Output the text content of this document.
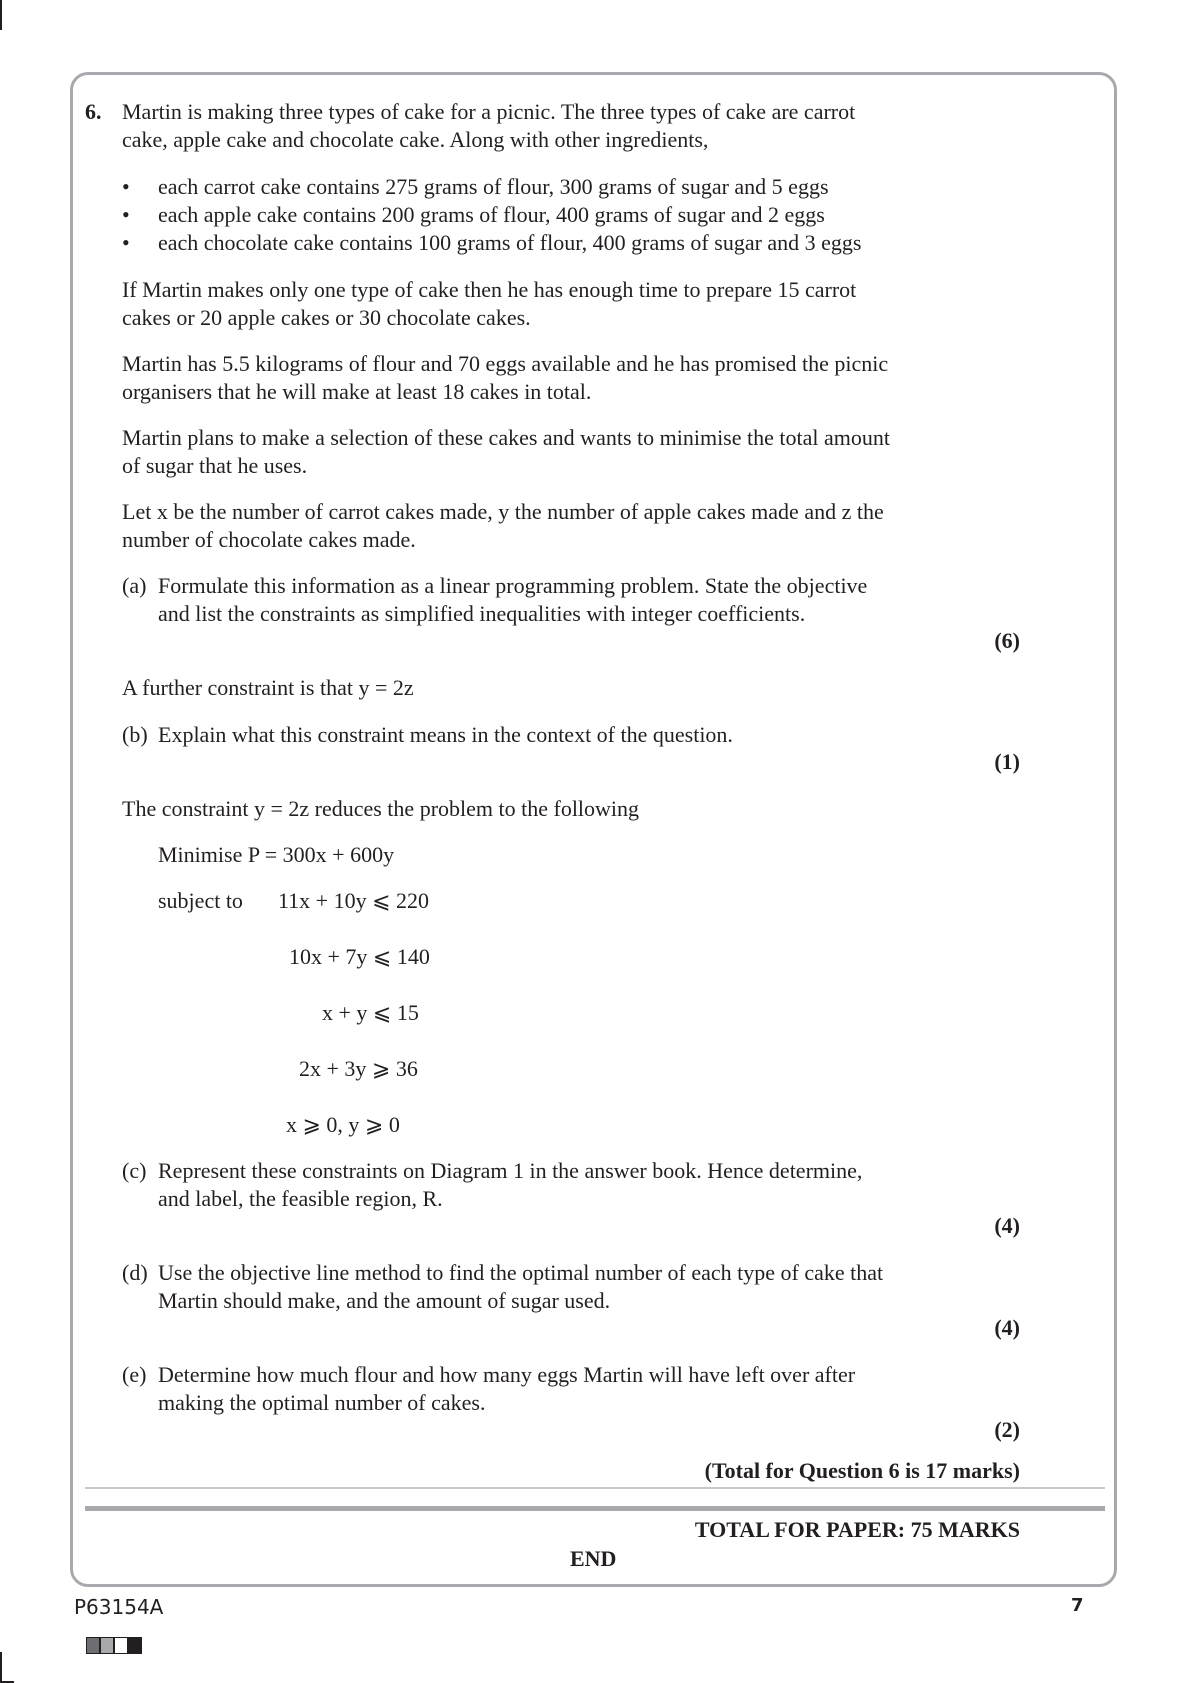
6. Martin is making three types of cake for a picnic. The three types of cake are carrot
cake, apple cake and chocolate cake. Along with other ingredients,
• each carrot cake contains 275 grams of flour, 300 grams of sugar and 5 eggs
• each apple cake contains 200 grams of flour, 400 grams of sugar and 2 eggs
• each chocolate cake contains 100 grams of flour, 400 grams of sugar and 3 eggs
If Martin makes only one type of cake then he has enough time to prepare 15 carrot
cakes or 20 apple cakes or 30 chocolate cakes.
Martin has 5.5 kilograms of flour and 70 eggs available and he has promised the picnic
organisers that he will make at least 18 cakes in total.
Martin plans to make a selection of these cakes and wants to minimise the total amount
of sugar that he uses.
Let x be the number of carrot cakes made, y the number of apple cakes made and z the
number of chocolate cakes made.
(a) Formulate this information as a linear programming problem. State the objective
and list the constraints as simplified inequalities with integer coefficients.
(6)
A further constraint is that y = 2z
(b) Explain what this constraint means in the context of the question.
(1)
The constraint y = 2z reduces the problem to the following
Minimise P = 300x + 600y
subject to 11x + 10y ⩽ 220
10x + 7y ⩽ 140
x + y ⩽ 15
2x + 3y ⩾ 36
x ⩾ 0, y ⩾ 0
(c) Represent these constraints on Diagram 1 in the answer book. Hence determine,
and label, the feasible region, R.
(4)
(d) Use the objective line method to find the optimal number of each type of cake that
Martin should make, and the amount of sugar used.
(4)
(e) Determine how much flour and how many eggs Martin will have left over after
making the optimal number of cakes.
(2)
(Total for Question 6 is 17 marks)
TOTAL FOR PAPER: 75 MARKS
END
P63154A	7
